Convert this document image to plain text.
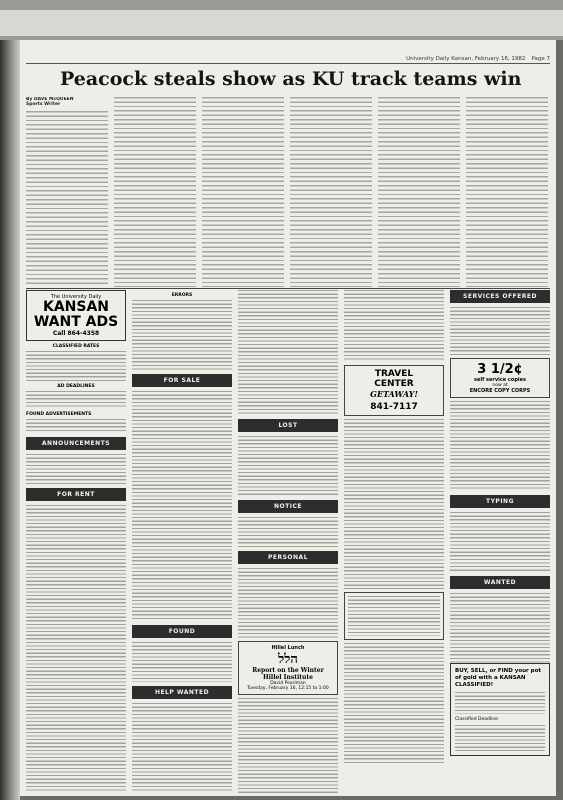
University Daily Kansan, February 16, 1982 Page 7
Peacock steals show as KU track teams win
By DAVE McQUEEN
Sports Writer
The University Daily
KANSAN WANT ADS
Call 864-4358
CLASSIFIED RATES
AD DEADLINES
FOUND ADVERTISEMENTS
ANNOUNCEMENTS
FOR RENT
ERRORS
FOR SALE
FOUND
HELP WANTED
LOST
NOTICE
PERSONAL
Hillel Lunch
הלל
Report on the Winter Hillel Institute
David Peariman
Tuesday, February 16, 12:15 to 1:00
TRAVEL
CENTER
GETAWAY!
841-7117
SERVICES OFFERED
3 1/2¢
self service copies
now at
ENCORE COPY CORPS
TYPING
WANTED
BUY, SELL, or FIND your pot of gold with a KANSAN CLASSIFIED!
Classified Deadline
